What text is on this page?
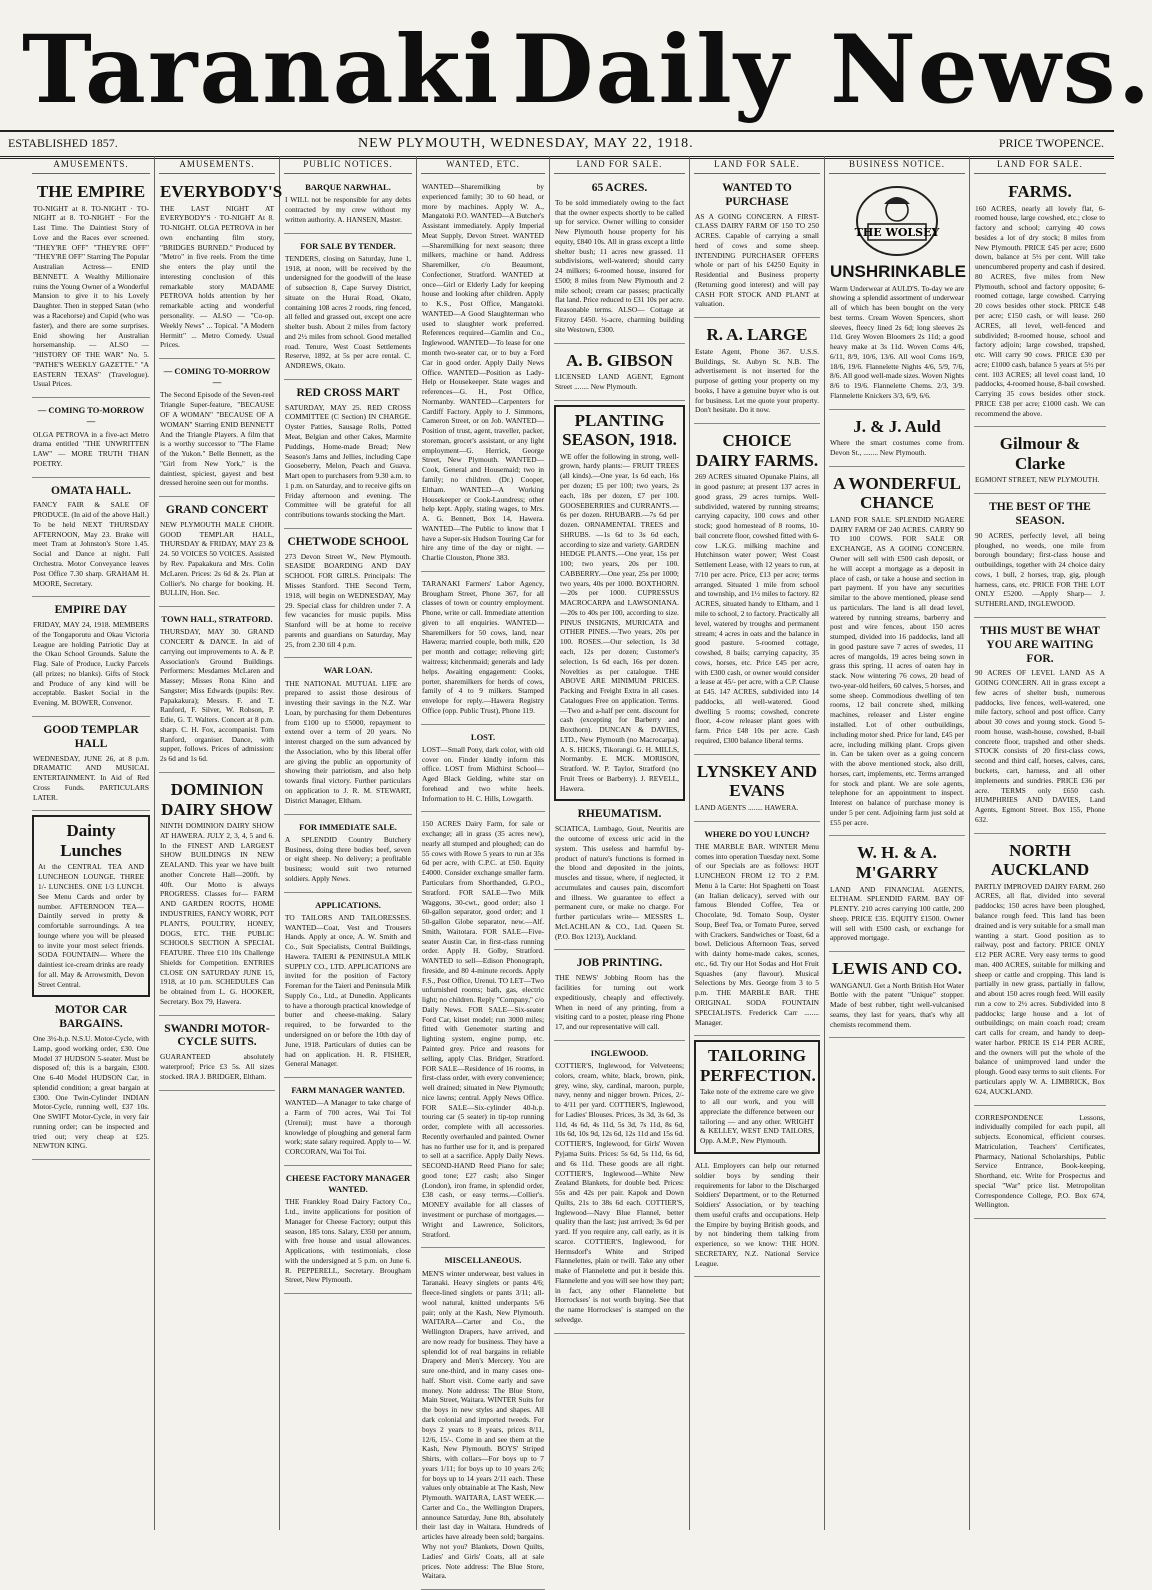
Taranaki Daily News.
ESTABLISHED 1857.	NEW PLYMOUTH, WEDNESDAY, MAY 22, 1918.	PRICE TWOPENCE.
AMUSEMENTS.

THE EMPIRE

TO-NIGHT at 8. TO-NIGHT · TO-NIGHT at 8. TO-NIGHT · For the Last Time. The Daintiest Story of Love and the Races ever screened. "THEY'RE OFF" "THEY'RE OFF" "THEY'RE OFF" Starring The Popular Australian Actress— ENID BENNETT. A Wealthy Millionaire ruins the Young Owner of a Wonderful Mansion to give it to his Lovely Daughter. Then in stepped Satan (who was a Racehorse) and Cupid (who was faster), and there are some surprises. Enid showing her Australian horsemanship. — ALSO — "HISTORY OF THE WAR" No. 5. "PATHE'S WEEKLY GAZETTE." "A EASTERN TEXAS" (Travelogue). Usual Prices.

— COMING TO-MORROW —

OLGA PETROVA in a five-act Metro drama entitled "THE UNWRITTEN LAW" — MORE TRUTH THAN POETRY.

OMATA HALL.

FANCY FAIR & SALE OF PRODUCE. (In aid of the above Hall.) To be held NEXT THURSDAY AFTERNOON, May 23. Brake will meet Tram at Johnston's Store 1.45. Social and Dance at night. Full Orchestra. Motor Conveyance leaves Post Office 7.30 sharp. GRAHAM H. MOORE, Secretary.

EMPIRE DAY

FRIDAY, MAY 24, 1918. MEMBERS of the Tongaporutu and Okau Victoria League are holding Patriotic Day at the Okau School Grounds. Salute the Flag. Sale of Produce, Lucky Parcels (all prizes; no blanks). Gifts of Stock and Produce of any kind will be acceptable. Basket Social in the Evening. M. BOWER, Convenor.

GOOD TEMPLAR HALL

WEDNESDAY, JUNE 26, at 8 p.m. DRAMATIC AND MUSICAL ENTERTAINMENT. In Aid of Red Cross Funds. PARTICULARS LATER.

Dainty Lunches

At the CENTRAL TEA AND LUNCHEON LOUNGE. THREE 1/- LUNCHES. ONE 1/3 LUNCH. See Menu Cards and order by number. AFTERNOON TEA— Daintily served in pretty & comfortable surroundings. A tea lounge where you will be pleased to invite your most select friends. SODA FOUNTAIN— Where the daintiest ice-cream drinks are ready for all. May & Arrowsmith, Devon Street Central.

MOTOR CAR BARGAINS.

One 3½-h.p. N.S.U. Motor-Cycle, with Lamp, good working order, £30. One Model 37 HUDSON 5-seater. Must be disposed of; this is a bargain, £300. One 6-40 Model HUDSON Car, in splendid condition; a great bargain at £300. One Twin-Cylinder INDIAN Motor-Cycle, running well, £37 10s. One SWIFT Motor-Cycle, in very fair running order; can be inspected and tried out; very cheap at £25. NEWTON KING.

AMUSEMENTS.

EVERYBODY'S

THE LAST NIGHT AT EVERYBODY'S · TO-NIGHT At 8. TO-NIGHT. OLGA PETROVA in her own enchanting film story, "BRIDGES BURNED." Produced by "Metro" in five reels. From the time she enters the play until the interesting conclusion of this remarkable story MADAME PETROVA holds attention by her remarkable acting and wonderful personality. — ALSO — "Co-op. Weekly News" ... Topical. "A Modern Hermitt" ... Metro Comedy. Usual Prices.

— COMING TO-MORROW —

The Second Episode of the Seven-reel Triangle Super-feature, "BECAUSE OF A WOMAN" "BECAUSE OF A WOMAN" Starring ENID BENNETT And the Triangle Players. A film that is a worthy successor to "The Flame of the Yukon." Belle Bennett, as the "Girl from New York," is the daintiest, spiciest, gayest and best dressed heroine seen out for months.

GRAND CONCERT

NEW PLYMOUTH MALE CHOIR. GOOD TEMPLAR HALL, THURSDAY & FRIDAY, MAY 23 & 24. 50 VOICES 50 VOICES. Assisted by Rev. Papakakura and Mrs. Colin McLaren. Prices: 2s 6d & 2s. Plan at Collier's. No charge for booking. H. BULLIN, Hon. Sec.

TOWN HALL, STRATFORD.

THURSDAY, MAY 30. GRAND CONCERT & DANCE. In aid of carrying out improvements to A. & P. Association's Ground Buildings. Performers: Mesdames McLaren and Massey; Misses Rona Kino and Sangster; Miss Edwards (pupils: Rev. Papakakura); Messrs. F. and T. Ranford, F. Silver, W. Robson, P. Edie, G. T. Walters. Concert at 8 p.m. sharp. C. H. Fox, accompanist. Tom Ranford, organiser. Dance, with supper, follows. Prices of admission: 2s 6d and 1s 6d.

DOMINION DAIRY SHOW

NINTH DOMINION DAIRY SHOW AT HAWERA. JULY 2, 3, 4, 5 and 6. In the FINEST AND LARGEST SHOW BUILDINGS IN NEW ZEALAND. This year we have built another Concrete Hall—200ft. by 40ft. Our Motto is always PROGRESS. Classes for— FARM AND GARDEN ROOTS, HOME INDUSTRIES, FANCY WORK, POT PLANTS, POULTRY, HONEY, DOGS, ETC. THE PUBLIC SCHOOLS SECTION A SPECIAL FEATURE. Three £10 10s Challenge Shields for Competition. ENTRIES CLOSE ON SATURDAY JUNE 15, 1918, at 10 p.m. SCHEDULES Can be obtained from L. G. HOOKER, Secretary. Box 79, Hawera.

SWANDRI MOTOR-CYCLE SUITS.

GUARANTEED absolutely waterproof; Price £3 5s. All sizes stocked. IRA J. BRIDGER, Eltham.

PUBLIC NOTICES.

BARQUE NARWHAL.

I WILL not be responsible for any debts contracted by my crew without my written authority. A. HANSEN, Master.

FOR SALE BY TENDER.

TENDERS, closing on Saturday, June 1, 1918, at noon, will be received by the undersigned for the goodwill of the lease of subsection 8, Cape Survey District, situate on the Hurai Road, Okato, containing 108 acres 2 roods, ring fenced, all felled and grassed out, except one acre shelter bush. About 2 miles from factory and 2½ miles from school. Good metalled road. Tenure, West Coast Settlements Reserve, 1892, at 5s per acre rental. C. ANDREWS, Okato.

RED CROSS MART

SATURDAY, MAY 25. RED CROSS COMMITTEE (C Section) IN CHARGE. Oyster Patties, Sausage Rolls, Potted Meat, Belgian and other Cakes, Marmite Puddings, Home-made Bread; New Season's Jams and Jellies, including Cape Gooseberry, Melon, Peach and Guava. Mart open to purchasers from 9.30 a.m. to 1 p.m. on Saturday, and to receive gifts on Friday afternoon and evening. The Committee will be grateful for all contributions towards stocking the Mart.

CHETWODE SCHOOL

273 Devon Street W., New Plymouth. SEASIDE BOARDING AND DAY SCHOOL FOR GIRLS. Principals: The Misses Stanford. THE Second Term, 1918, will begin on WEDNESDAY, May 29. Special class for children under 7. A few vacancies for music pupils. Miss Stanford will be at home to receive parents and guardians on Saturday, May 25, from 2.30 till 4 p.m.

WAR LOAN.

THE NATIONAL MUTUAL LIFE are prepared to assist those desirous of investing their savings in the N.Z. War Loan, by purchasing for them Debentures from £100 up to £5000, repayment to extend over a term of 20 years. No interest charged on the sum advanced by the Association, who by this liberal offer are giving the public an opportunity of showing their patriotism, and also help towards final victory. Further particulars on application to J. R. M. STEWART, District Manager, Eltham.

FOR IMMEDIATE SALE.

A SPLENDID Country Butchery Business, doing three bodies beef, seven or eight sheep. No delivery; a profitable business; would suit two returned soldiers. Apply News.

APPLICATIONS.

TO TAILORS AND TAILORESSES. WANTED—Coat, Vest and Trousers Hands. Apply at once, A. W. Smith and Co., Suit Specialists, Central Buildings, Hawera. TAIERI & PENINSULA MILK SUPPLY CO., LTD. APPLICATIONS are invited for the position of Factory Foreman for the Taieri and Peninsula Milk Supply Co., Ltd., at Dunedin. Applicants to have a thorough practical knowledge of butter and cheese-making. Salary required, to be forwarded to the undersigned on or before the 10th day of June, 1918. Particulars of duties can be had on application. H. R. FISHER, General Manager.

FARM MANAGER WANTED.

WANTED—A Manager to take charge of a Farm of 700 acres, Wai Toi Tol (Urenui); must have a thorough knowledge of ploughing and general farm work; state salary required. Apply to— W. CORCORAN, Wai Toi Toi.

CHEESE FACTORY MANAGER WANTED.

THE Frankley Road Dairy Factory Co., Ltd., invite applications for position of Manager for Cheese Factory; output this season, 185 tons. Salary, £350 per annum, with free house and usual allowances. Applications, with testimonials, close with the undersigned at 5 p.m. on June 6. R. PEPPERELL, Secretary. Brougham Street, New Plymouth.

WANTED, ETC.

WANTED—Sharemilking by experienced family; 30 to 60 head, or more by machines. Apply W. A., Mangatoki P.O. WANTED—A Butcher's Assistant immediately. Apply Imperial Meat Supply, Devon Street. WANTED—Sharemilking for next season; three milkers, machine or hand. Address Sharemilker, c/o Beaumont, Confectioner, Stratford. WANTED at once—Girl or Elderly Lady for keeping house and looking after children. Apply to K.S., Post Office, Mangatoki. WANTED—A Good Slaughterman who used to slaughter work preferred. References required—Gamlin and Co., Inglewood. WANTED—To lease for one month two-seater car, or to buy a Ford Car in good order. Apply Daily News Office. WANTED—Position as Lady-Help or Housekeeper. State wages and references—G. H., Post Office, Normanby. WANTED—Carpenters for Cardiff Factory. Apply to J. Simmons, Cameron Street, or on Job. WANTED—Position of trust, agent, traveller, packer, storeman, grocer's assistant, or any light employment—G. Herrick, George Street, New Plymouth. WANTED—Cook, General and Housemaid; two in family; no children. (Dr.) Cooper, Eltham. WANTED—A Working Housekeeper or Cook-Laundress; other help kept. Apply, stating wages, to Mrs. A. G. Bennett, Box 14, Hawera. WANTED—The Public to know that I have a Super-six Hudson Touring Car for hire any time of the day or night. —Charlie Clouston, Phone 383.

TARANAKI Farmers' Labor Agency, Brougham Street, Phone 367, for all classes of town or country employment. Phone, write or call. Immediate attention given to all enquiries. WANTED—Sharemilkers for 50 cows, land, near Hawera; married couple, both milk, £20 per month and cottage; relieving girl; waitress; kitchenmaid; generals and lady helps. Awaiting engagement: Cooks, porter, sharemilkers for herds of cows, family of 4 to 9 milkers. Stamped envelope for reply.—Hawera Registry Office (opp. Public Trust), Phone 119.

LOST.

LOST—Small Pony, dark color, with old cover on. Finder kindly inform this office. LOST from Midhirst School—Aged Black Gelding, white star on forehead and two white heels. Information to H. C. Hills, Lowgarth.

150 ACRES Dairy Farm, for sale or exchange; all in grass (35 acres new), nearly all stumped and ploughed; can do 55 cows with Rowe 5 years to run at 35s 6d per acre, with C.P.C. at £50. Equity £4000. Consider exchange smaller farm. Particulars from Shorthanded, G.P.O., Stratford. FOR SALE—Two Milk Waggons, 30-cwt., good order; also 1 60-gallon separator, good order; and 1 50-gallon Globe separator, new.—Alf. Smith, Waitotara. FOR SALE—Five-seater Austin Car, in first-class running order. Apply H. Golby, Stratford. WANTED to sell—Edison Phonograph, fireside, and 80 4-minute records. Apply F.S., Post Office, Urenui. TO LET—Two unfurnished rooms; bath, gas, electric light; no children. Reply "Company," c/o Daily News. FOR SALE—Six-seater Ford Car, kitset model; run 3000 miles; fitted with Genemoter starting and lighting system, engine pump, etc. Painted grey. Price and reasons for selling, apply Clas. Bridger, Stratford. FOR SALE—Residence of 16 rooms, in first-class order, with every convenience; well drained; situated in New Plymouth; nice lawns; central. Apply News Office. FOR SALE—Six-cylinder 40-h.p. touring car (5 seater) in tip-top running order, complete with all accessories. Recently overhauled and painted. Owner has no further use for it, and is prepared to sell at a sacrifice. Apply Daily News. SECOND-HAND Reed Piano for sale; good tone; £27 cash; also Singer (London), iron frame, in splendid order, £38 cash, or easy terms.—Collier's. MONEY available for all classes of investment or purchase of mortgages.—Wright and Lawrence, Solicitors, Stratford.

MISCELLANEOUS.

MEN'S winter underwear, best values in Taranaki. Heavy singlets or pants 4/6; fleece-lined singlets or pants 3/11; all-wool natural, knitted underpants 5/6 pair; only at the Kash, New Plymouth. WAITARA—Carter and Co., the Wellington Drapers, have arrived, and are now ready for business. They have a splendid lot of real bargains in reliable Drapery and Men's Mercery. You are sure one-third, and in many cases one-half. Short visit. Come early and save money. Note address: The Blue Store, Main Street, Waitara. WINTER Suits for the boys in new styles and shapes. All dark colonial and imported tweeds. For boys 2 years to 8 years, prices 8/11, 12/6, 15/-. Come in and see them at the Kash, New Plymouth. BOYS' Striped Shirts, with collars—For boys up to 7 years 1/11; for boys up to 10 years 2/6; for boys up to 14 years 2/11 each. These values only obtainable at The Kash, New Plymouth. WAITARA, LAST WEEK.—Carter and Co., the Wellington Drapers, announce Saturday, June 8th, absolutely their last day in Waitara. Hundreds of articles have already been sold; bargains. Why not you? Blankets, Down Quilts, Ladies' and Girls' Coats, all at sale prices. Note address: The Blue Store, Waitara.

LAND FOR SALE.

65 ACRES.

To be sold immediately owing to the fact that the owner expects shortly to be called up for service. Owner willing to consider New Plymouth house property for his equity, £840 10s. All in grass except a little shelter bush; 11 acres new grassed. 11 subdivisions, well-watered; should carry 24 milkers; 6-roomed house, insured for £500; 8 miles from New Plymouth and 2 mile school; cream car passes; practically flat land. Price reduced to £31 10s per acre. Reasonable terms. ALSO— Cottage at Fitzroy £450. ½-acre, charming building site Westown, £300.

A. B. GIBSON

LICENSED LAND AGENT, Egmont Street ........ New Plymouth.

PLANTING SEASON, 1918.

WE offer the following in strong, well-grown, hardy plants:— FRUIT TREES (all kinds).—One year, 1s 6d each, 16s per dozen; £5 per 100; two years, 2s each, 18s per dozen, £7 per 100. GOOSEBERRIES and CURRANTS.—6s per dozen. RHUBARB.—7s 6d per dozen. ORNAMENTAL TREES and SHRUBS. —1s 6d to 3s 6d each, according to size and variety. GARDEN HEDGE PLANTS.—One year, 15s per 100; two years, 20s per 100. CABBERRY.—One year, 25s per 1000; two years, 40s per 1000. BOXTHORN.—20s per 1000. CUPRESSUS MACROCARPA and LAWSONIANA.—20s to 40s per 100, according to size. PINUS INSIGNIS, MURICATA and OTHER PINES.—Two years, 20s per 100. ROSES.—Our selection, 1s 3d each, 12s per dozen; Customer's selection, 1s 6d each, 16s per dozen. Novelties as per catalogue. THE ABOVE ARE MINIMUM PRICES. Packing and Freight Extra in all cases. Catalogues Free on application. Terms.—Two and a-half per cent. discount for cash (excepting for Barberry and Boxthorn). DUNCAN & DAVIES, LTD., New Plymouth (no Macrocarpa). A. S. HICKS, Tikorangi. G. H. MILLS, Normanby. E. MCK. MORISON, Stratford. W. P. Taylor, Stratford (no Fruit Trees or Barberry). J. REVELL, Hawera.

RHEUMATISM.

SCIATICA, Lumbago, Gout, Neuritis are the outcome of excess uric acid in the system. This useless and harmful by-product of nature's functions is formed in the blood and deposited in the joints, muscles and tissue, where, if neglected, it accumulates and causes pain, discomfort and illness. We guarantee to effect a permanent cure, or make no charge. For further particulars write— MESSRS L. McLACHLAN & CO., Ltd. Queen St. (P.O. Box 1213), Auckland.

JOB PRINTING.

THE NEWS' Jobbing Room has the facilities for turning out work expeditiously, cheaply and effectively. When in need of any printing, from a visiting card to a poster, please ring Phone 17, and our representative will call.

INGLEWOOD.

COTTIER'S, Inglewood, for Velveteens; colors, cream, white, black, brown, pink, grey, wine, sky, cardinal, maroon, purple, navy, nenny and nigger brown. Prices, 2/- to 4/11 per yard. COTTIER'S, Inglewood, for Ladies' Blouses. Prices, 3s 3d, 3s 6d, 3s 11d, 4s 6d, 4s 11d, 5s 3d, 7s 11d, 8s 6d, 10s 6d, 10s 9d, 12s 6d, 12s 11d and 15s 6d. COTTIER'S, Inglewood, for Girls' Woven Pyjama Suits. Prices: 5s 6d, 5s 11d, 6s 6d, and 6s 11d. These goods are all right. COTTIER'S, Inglewood—White New Zealand Blankets, for double bed. Prices: 55s and 42s per pair. Kapok and Down Quilts, 21s to 38s 6d each. COTTIER'S, Inglewood—Navy Blue Flannel, better quality than the last; just arrived; 3s 6d per yard. If you require any, call early, as it is scarce. COTTIER'S, Inglewood, for Hermsdorf's White and Striped Flannelettes, plain or twill. Take any other make of Flannelette and put it beside this. Flannelette and you will see how they part; in fact, any other Flannelette but Horrockses' is not worth buying. See that the name Horrockses' is stamped on the selvedge.

LAND FOR SALE.

WANTED TO PURCHASE

AS A GOING CONCERN. A FIRST-CLASS DAIRY FARM OF 150 TO 250 ACRES. Capable of carrying a small herd of cows and some sheep. INTENDING PURCHASER OFFERS whole or part of his £4250 Equity in Residential and Business property (Returning good interest) and will pay CASH FOR STOCK AND PLANT at valuation.

R. A. LARGE

Estate Agent, Phone 367. U.S.S. Buildings, St. Aubyn St. N.B. The advertisement is not inserted for the purpose of getting your property on my books, I have a genuine buyer who is out for business. Let me quote your property. Don't hesitate. Do it now.

CHOICE DAIRY FARMS.

269 ACRES situated Opunake Plains, all in good pasture; at present 137 acres in good grass, 29 acres turnips. Well-subdivided, watered by running streams; carrying capacity, 100 cows and other stock; good homestead of 8 rooms, 10-bail concrete floor, cowshed fitted with 6-cow L.K.G. milking machine and Hutchinson water power; West Coast Settlement Lease, with 12 years to run, at 7/10 per acre. Price, £13 per acre; terms arranged. Situated 1 mile from school and township, and 1½ miles to factory. 82 ACRES, situated handy to Eltham, and 1 mile to school, 2 to factory. Practically all level, watered by troughs and permanent stream; 4 acres in oats and the balance in good pasture. 5-roomed cottage, cowshed, 8 bails; carrying capacity, 35 cows, horses, etc. Price £45 per acre, with £300 cash, or owner would consider a lease at 45/- per acre, with a C.P. Clause at £45. 147 ACRES, subdivided into 14 paddocks, all well-watered. Good dwelling 5 rooms; cowshed, concrete floor, 4-cow releaser plant goes with farm. Price £48 10s per acre. Cash required, £300 balance liberal terms.

LYNSKEY AND EVANS

LAND AGENTS ........ HAWERA.

WHERE DO YOU LUNCH?

THE MARBLE BAR. WINTER Menu comes into operation Tuesday next. Some of our Specials are as follows: HOT LUNCHEON FROM 12 TO 2 P.M. Menu à la Carte: Hot Spaghetti on Toast (an Italian delicacy), served with our famous Blended Coffee, Tea or Chocolate, 9d. Tomato Soup, Oyster Soup, Beef Tea, or Tomato Puree, served with Crackers. Sandwiches or Toast, 6d a bowl. Delicious Afternoon Teas, served with dainty home-made cakes, scones, etc., 6d. Try our Hot Sodas and Hot Fruit Squashes (any flavour). Musical Selections by Mrs. George from 3 to 5 p.m. THE MARBLE BAR. THE ORIGINAL SODA FOUNTAIN SPECIALISTS. Frederick Carr ........ Manager.

TAILORING PERFECTION.

Take note of the extreme care we give to all our work, and you will appreciate the difference between our tailoring — and any other. WRIGHT & KELLEY, WEST END TAILORS, Opp. A.M.P., New Plymouth.

ALL Employers can help our returned soldier boys by sending their requirements for labor to the Discharged Soldiers' Department, or to the Returned Soldiers' Association, or by teaching them useful crafts and occupations. Help the Empire by buying British goods, and by not hindering them talking from experience, so we know: THE HON. SECRETARY, N.Z. National Service League.

BUSINESS NOTICE.
THE WOLSEY

UNSHRINKABLE

Warm Underwear at AULD'S. To-day we are showing a splendid assortment of underwear all of which has been bought on the very best terms. Cream Woven Spencers, short sleeves, fleecy lined 2s 6d; long sleeves 2s 11d. Grey Woven Bloomers 2s 11d; a good heavy make at 3s 11d. Woven Coms 4/6, 6/11, 8/9, 10/6, 13/6. All wool Coms 16/9, 18/6, 19/6. Flannelette Nights 4/6, 5/9, 7/6, 8/6. All good well-made sizes. Woven Nights 8/6 to 19/6. Flannelette Chems. 2/3, 3/9. Flannelette Knickers 3/3, 6/9, 6/6.

J. & J. Auld

Where the smart costumes come from. Devon St., ........ New Plymouth.

A WONDERFUL CHANCE

LAND FOR SALE. SPLENDID NGAERE DAIRY FARM OF 240 ACRES. CARRY 90 TO 100 COWS. FOR SALE OR EXCHANGE, AS A GOING CONCERN. Owner will sell with £500 cash deposit, or he will accept a mortgage as a deposit in place of cash, or take a house and section in part payment. If you have any securities similar to the above mentioned, please send us particulars. The land is all dead level, watered by running streams, barberry and post and wire fences, about 150 acres stumped, divided into 16 paddocks, land all in good pasture save 7 acres of swedes, 11 acres of mangolds, 19 acres being sown in grass this spring, 11 acres of oaten hay in stack. Now wintering 76 cows, 20 head of two-year-old heifers, 60 calves, 5 horses, and some sheep. Commodious dwelling of ten rooms, 12 bail concrete shed, milking machines, releaser and Lister engine installed. Lot of other outbuildings, including motor shed. Price for land, £45 per acre, including milking plant. Crops given in. Can be taken over as a going concern with the above mentioned stock, also drill, horses, cart, implements, etc. Terms arranged for stock and plant. We are sole agents, telephone for an appointment to inspect. Interest on balance of purchase money is under 5 per cent. Adjoining farm just sold at £55 per acre.

W. H. & A. M'GARRY

LAND AND FINANCIAL AGENTS, ELTHAM. SPLENDID FARM. BAY OF PLENTY. 210 acres carrying 100 cattle, 200 sheep. PRICE £35. EQUITY £1500. Owner will sell with £500 cash, or exchange for approved mortgage.

LEWIS AND CO.

WANGANUI. Get a North British Hot Water Bottle with the patent "Unique" stopper. Made of best rubber, tight well-vulcanised seams, they last for years, that's why all chemists recommend them.

LAND FOR SALE.

FARMS.

160 ACRES, nearly all lovely flat, 6-roomed house, large cowshed, etc.; close to factory and school; carrying 40 cows besides a lot of dry stock; 8 miles from New Plymouth. PRICE £45 per acre; £600 down, balance at 5½ per cent. Will take unencumbered property and cash if desired. 80 ACRES, five miles from New Plymouth, school and factory opposite; 6-roomed cottage, large cowshed. Carrying 20 cows besides other stock. PRICE £48 per acre; £150 cash, or will lease. 260 ACRES, all level, well-fenced and subdivided; 8-roomed house, school and factory adjoin; large cowshed, trapshed, etc. Will carry 90 cows. PRICE £30 per acre; £1000 cash, balance 5 years at 5½ per cent. 103 ACRES; all level coast land, 10 paddocks, 4-roomed house, 8-bail cowshed. Carrying 35 cows besides other stock. PRICE £38 per acre; £1000 cash. We can recommend the above.

Gilmour & Clarke

EGMONT STREET, NEW PLYMOUTH.

THE BEST OF THE SEASON.

90 ACRES, perfectly level, all being ploughed, no weeds, one mile from borough boundary; first-class house and outbuildings, together with 24 choice dairy cows, 1 bull, 2 horses, trap, gig, plough harness, cans, etc. PRICE FOR THE LOT ONLY £5200. —Apply Sharp— J. SUTHERLAND, INGLEWOOD.

THIS MUST BE WHAT YOU ARE WAITING FOR.

90 ACRES OF LEVEL LAND AS A GOING CONCERN. All in grass except a few acres of shelter bush, numerous paddocks, live fences, well-watered, one mile factory, school and post office. Carry about 30 cows and young stock. Good 5-room house, wash-house, cowshed, 8-bail concrete floor, trapshed and other sheds. STOCK consists of 20 first-class cows, second and third calf, horses, calves, cans, buckets, cart, harness, and all other implements and sundries. PRICE £36 per acre. TERMS only £650 cash. HUMPHRIES AND DAVIES, Land Agents, Egmont Street. Box 155, Phone 632.

NORTH AUCKLAND

PARTLY IMPROVED DAIRY FARM. 260 ACRES, all flat, divided into several paddocks; 150 acres have been ploughed, balance rough feed. This land has been drained and is very suitable for a small man wanting a start. Good position as to railway, post and factory. PRICE ONLY £12 PER ACRE. Very easy terms to good man. 400 ACRES, suitable for milking and sheep or cattle and cropping. This land is partially in new grass, partially in fallow, and about 150 acres rough feed. Will easily run a cow to 2½ acres. Subdivided into 8 paddocks; large house and a lot of outbuildings; on main coach road; cream cart calls for cream, and handy to deep-water harbor. PRICE IS £14 PER ACRE, and the owners will put the whole of the balance of unimproved land under the plough. Good easy terms to suit clients. For particulars apply W. A. LIMBRICK, Box 624, AUCKLAND.

CORRESPONDENCE Lessons, individually compiled for each pupil, all subjects. Economical, efficient courses. Matriculation, Teachers' Certificates, Pharmacy, National Scholarships, Public Service Entrance, Book-keeping, Shorthand, etc. Write for Prospectus and special "War" price list. Metropolitan Correspondence College, P.O. Box 674, Wellington.
